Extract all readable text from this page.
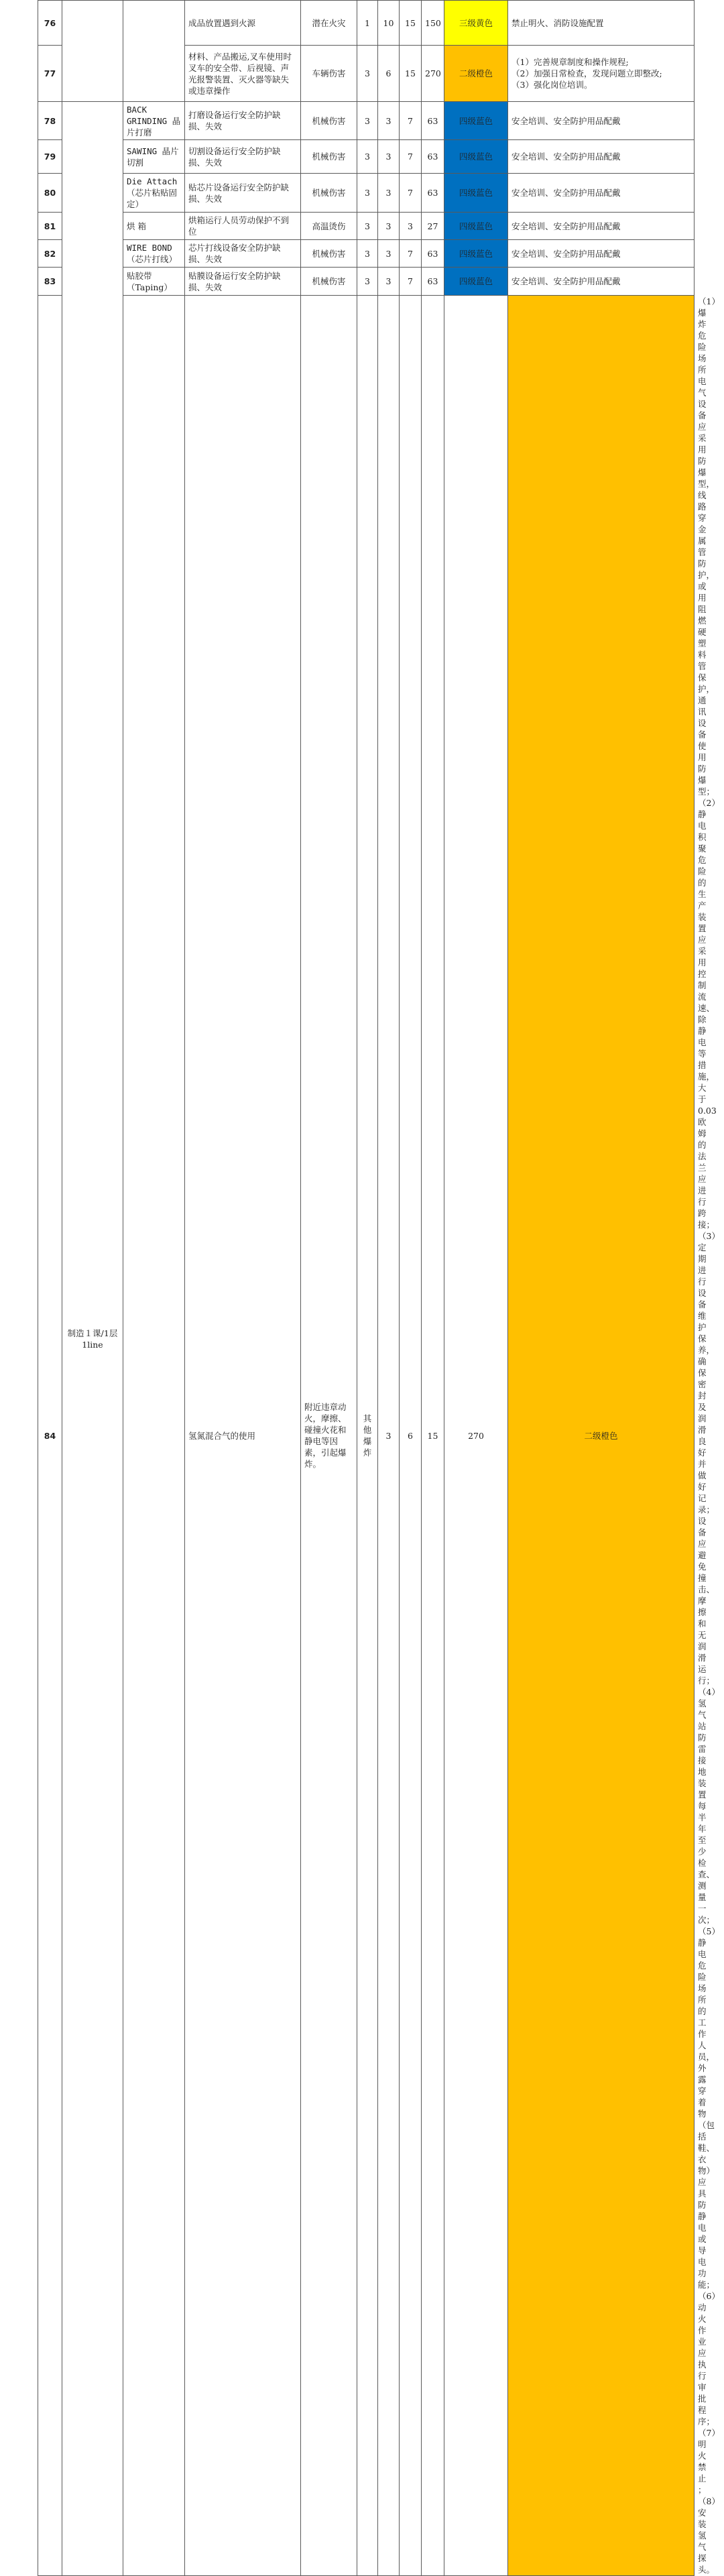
76			成品放置遇到火源	潜在火灾	1	10	15	150	三级黄色	禁止明火、消防设施配置	
77			材料、产品搬运,叉车使用时叉车的安全带、后视镜、声光报警装置、灭火器等缺失或违章操作	车辆伤害	3	6	15	270	二级橙色	（1）完善规章制度和操作规程;
（2）加强日常检查，发现问题立即整改;
（3）强化岗位培训。	

78	制造１课/1层1line	BACK GRINDING 晶片打磨	打磨设备运行安全防护缺损、失效	机械伤害	3	3	7	63	四级蓝色	安全培训、安全防护用品配戴	
79		SAWING 晶片切割	切割设备运行安全防护缺损、失效	机械伤害	3	3	7	63	四级蓝色	安全培训、安全防护用品配戴	
80		Die Attach（芯片粘贴固定）	贴芯片设备运行安全防护缺损、失效	机械伤害	3	3	7	63	四级蓝色	安全培训、安全防护用品配戴	
81		烘 箱	烘箱运行人员劳动保护不到位	高温烫伤	3	3	3	27	四级蓝色	安全培训、安全防护用品配戴	
82		WIRE BOND（芯片打线）	芯片打线设备安全防护缺损、失效	机械伤害	3	3	7	63	四级蓝色	安全培训、安全防护用品配戴	
83		贴胶带（Taping）	贴膜设备运行安全防护缺损、失效	机械伤害	3	3	7	63	四级蓝色	安全培训、安全防护用品配戴	
84			氢氮混合气的使用	附近违章动火，摩擦、碰撞火花和静电等因素，引起爆炸。	其他爆炸	3	6	15	270	二级橙色	（1）爆炸危险场所电气设备应采用防爆型，线路穿金属管防护，或用阻燃硬塑料管保护，通讯设备使用防爆型；（2）静电积聚危险的生产装置应采用控制流速、除静电等措施，大于0.03欧姆的法兰应进行跨接；（3）定期进行设备维护保养，确保密封及润滑良好并做好记录；设备应避免撞击、摩擦和无润滑运行；（4）氢气站防雷接地装置每半年至少检查、测量一次；（5）静电危险场所的工作人员，外露穿着物（包括鞋、衣物）应具防静电或导电功能；（6）动火作业应执行审批程序；（7）明火禁止 ；（8）安装氢气探头。
